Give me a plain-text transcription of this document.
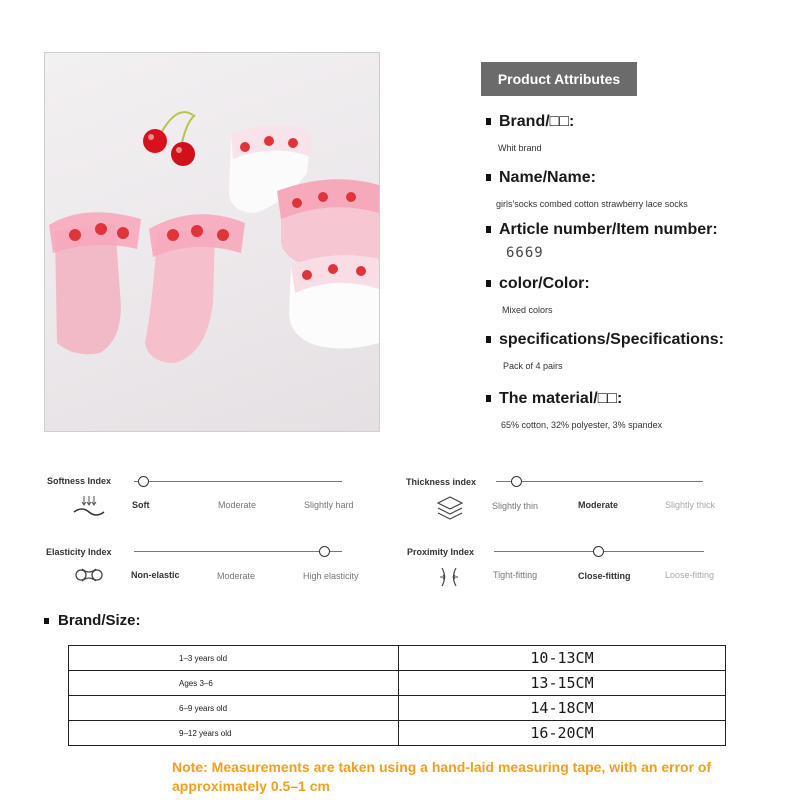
Product Attributes
Brand/□□:
Whit brand
Name/Name:
girls'socks combed cotton strawberry lace socks
Article number/Item number:
6669
color/Color:
Mixed colors
specifications/Specifications:
Pack of 4 pairs
The material/□□:
65% cotton, 32% polyester, 3% spandex
Softness Index
Soft	Moderate	Slightly hard
Thickness index
Slightly thin	Moderate	Slightly thick
Elasticity Index
Non-elastic	Moderate	High elasticity
Proximity Index
Tight-fitting	Close-fitting	Loose-fitting
Brand/Size:
1–3 years old	10-13CM
Ages 3–6	13-15CM
6–9 years old	14-18CM
9–12 years old	16-20CM
Note: Measurements are taken using a hand-laid measuring tape, with an error of approximately 0.5–1 cm
